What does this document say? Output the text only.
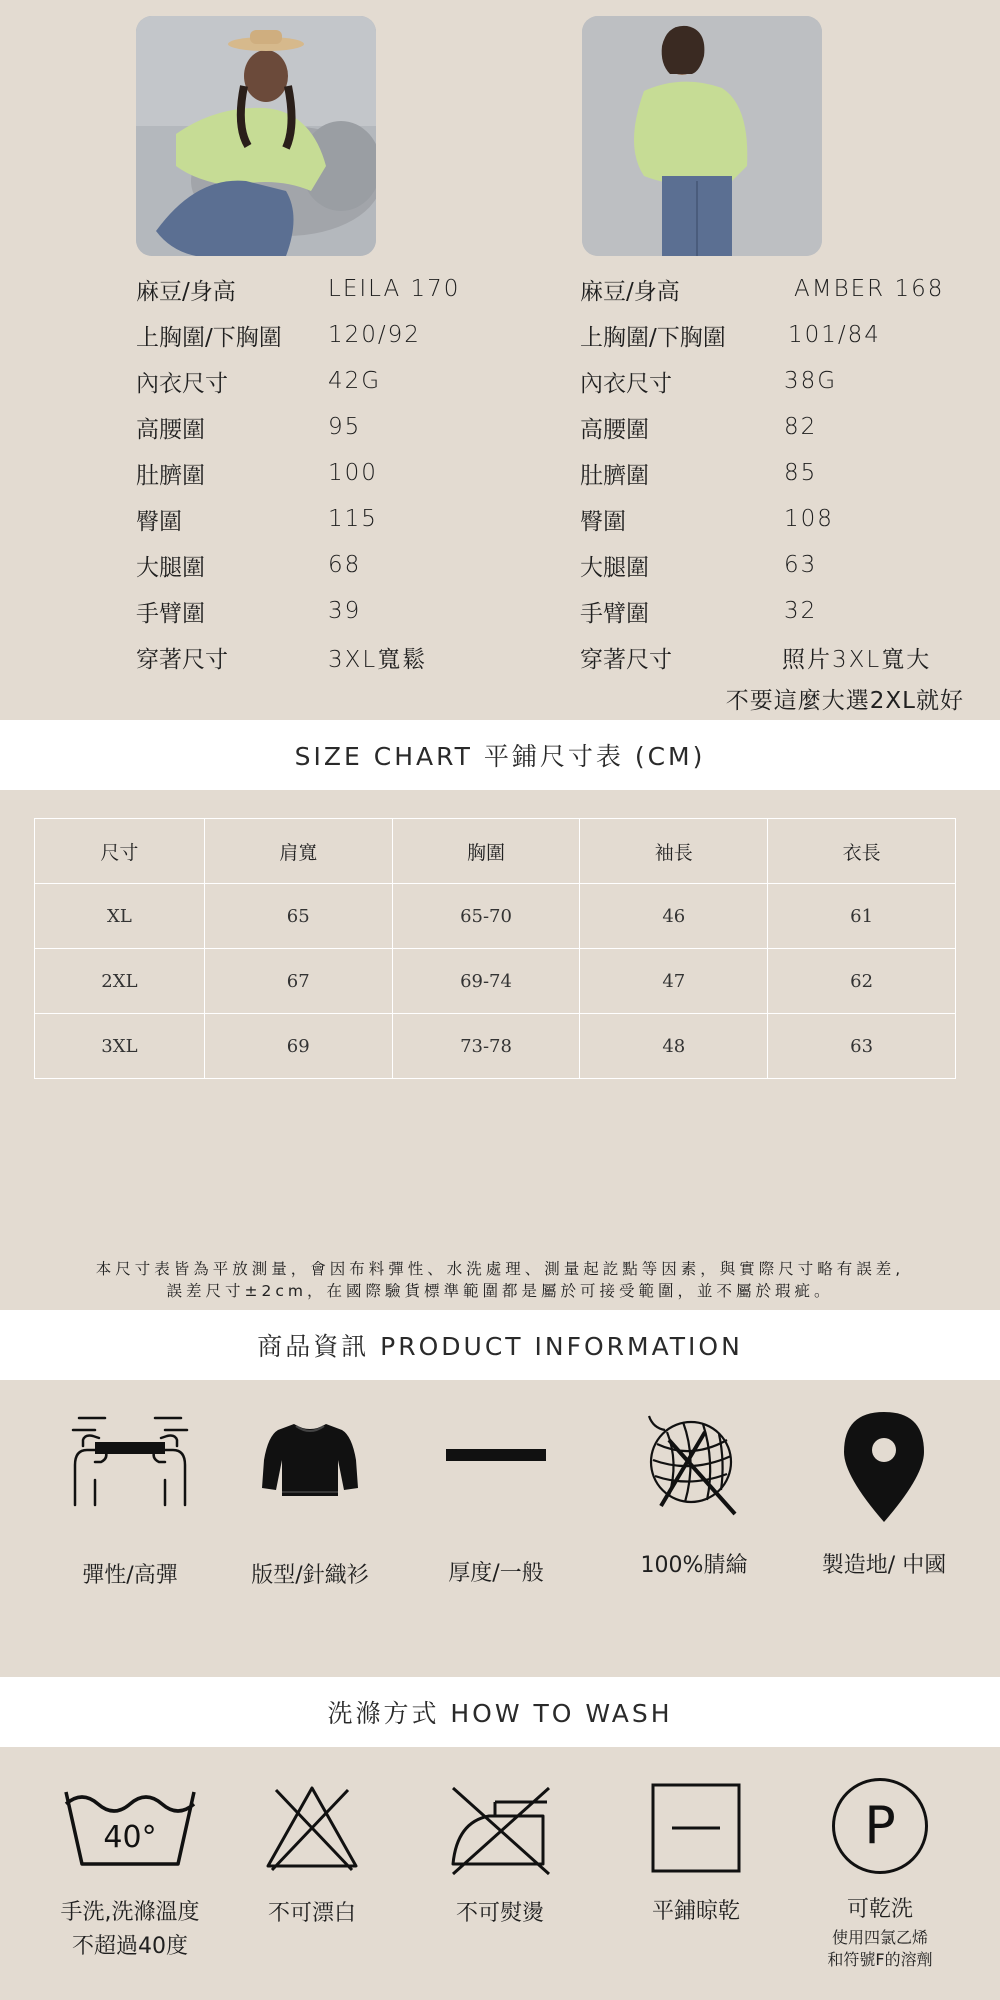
麻豆/身高	LEILA 170
上胸圍/下胸圍	120/92
內衣尺寸	42G
高腰圍	95
肚臍圍	100
臀圍	115
大腿圍	68
手臂圍	39
穿著尺寸	3XL寬鬆
麻豆/身高	AMBER 168
上胸圍/下胸圍	101/84
內衣尺寸	38G
高腰圍	82
肚臍圍	85
臀圍	108
大腿圍	63
手臂圍	32
穿著尺寸	照片3XL寬大
不要這麼大選2XL就好
SIZE CHART 平鋪尺寸表 (CM)
尺寸	肩寬	胸圍	袖長	衣長
XL	65	65-70	46	61
2XL	67	69-74	47	62
3XL	69	73-78	48	63
本尺寸表皆為平放測量，會因布料彈性、水洗處理、測量起訖點等因素，與實際尺寸略有誤差,
誤差尺寸±2cm，在國際驗貨標準範圍都是屬於可接受範圍，並不屬於瑕疵。
商品資訊 PRODUCT INFORMATION
彈性/高彈	版型/針織衫	厚度/一般	100%腈綸	製造地/ 中國
洗滌方式 HOW TO WASH
40°
手洗,洗滌溫度
不超過40度
不可漂白	不可熨燙	平鋪晾乾
P
可乾洗
使用四氯乙烯
和符號F的溶劑
